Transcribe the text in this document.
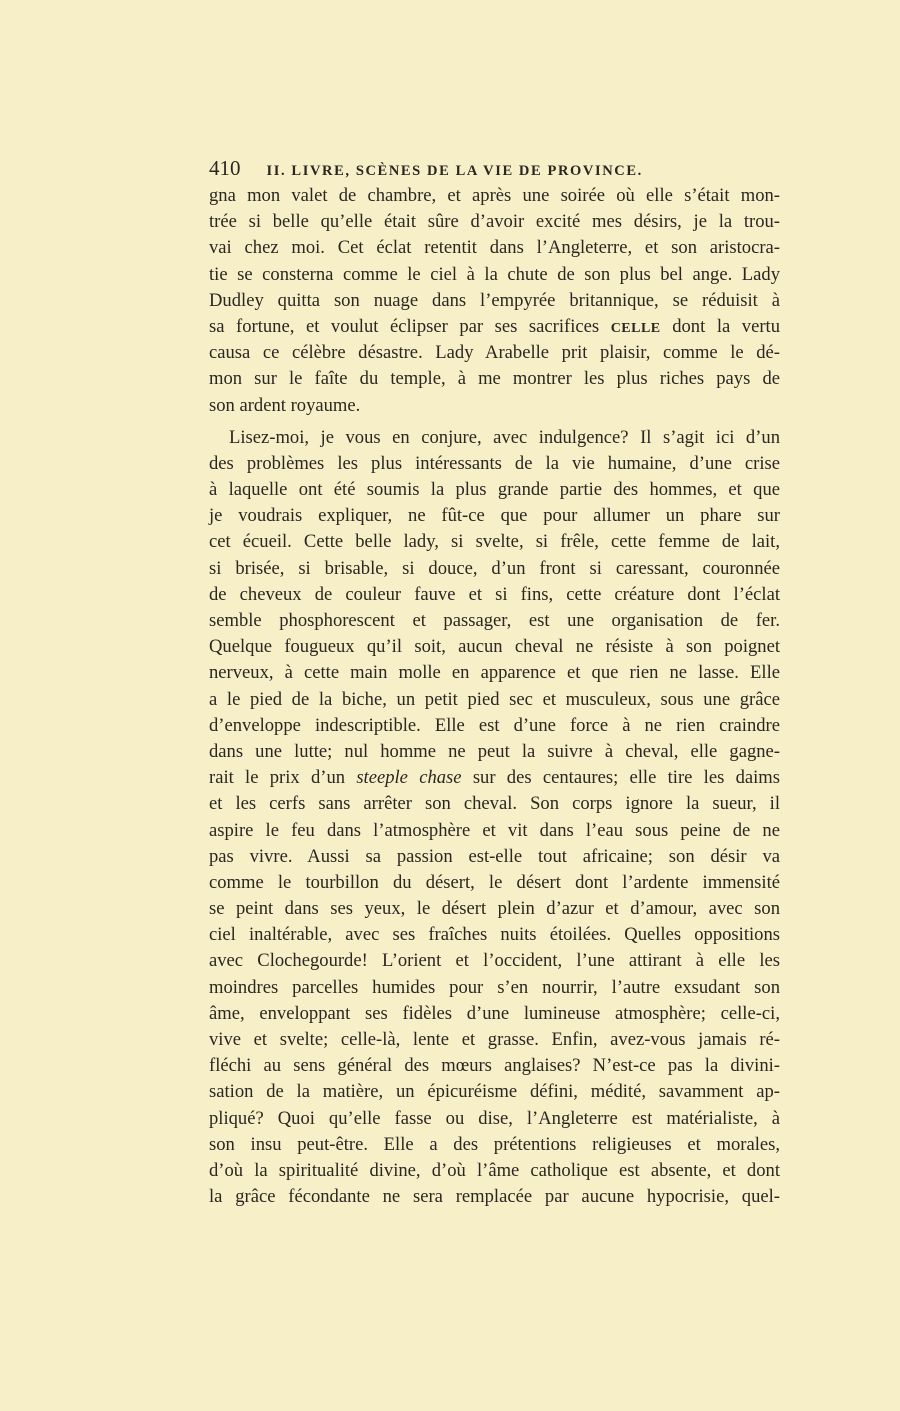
410 II. LIVRE, SCÈNES DE LA VIE DE PROVINCE.
gna mon valet de chambre, et après une soirée où elle s’était mon-
trée si belle qu’elle était sûre d’avoir excité mes désirs, je la trou-
vai chez moi. Cet éclat retentit dans l’Angleterre, et son aristocra-
tie se consterna comme le ciel à la chute de son plus bel ange. Lady
Dudley quitta son nuage dans l’empyrée britannique, se réduisit à
sa fortune, et voulut éclipser par ses sacrifices CELLE dont la vertu
causa ce célèbre désastre. Lady Arabelle prit plaisir, comme le dé-
mon sur le faîte du temple, à me montrer les plus riches pays de
son ardent royaume.
Lisez-moi, je vous en conjure, avec indulgence? Il s’agit ici d’un
des problèmes les plus intéressants de la vie humaine, d’une crise
à laquelle ont été soumis la plus grande partie des hommes, et que
je voudrais expliquer, ne fût-ce que pour allumer un phare sur
cet écueil. Cette belle lady, si svelte, si frêle, cette femme de lait,
si brisée, si brisable, si douce, d’un front si caressant, couronnée
de cheveux de couleur fauve et si fins, cette créature dont l’éclat
semble phosphorescent et passager, est une organisation de fer.
Quelque fougueux qu’il soit, aucun cheval ne résiste à son poignet
nerveux, à cette main molle en apparence et que rien ne lasse. Elle
a le pied de la biche, un petit pied sec et musculeux, sous une grâce
d’enveloppe indescriptible. Elle est d’une force à ne rien craindre
dans une lutte; nul homme ne peut la suivre à cheval, elle gagne-
rait le prix d’un steeple chase sur des centaures; elle tire les daims
et les cerfs sans arrêter son cheval. Son corps ignore la sueur, il
aspire le feu dans l’atmosphère et vit dans l’eau sous peine de ne
pas vivre. Aussi sa passion est-elle tout africaine; son désir va
comme le tourbillon du désert, le désert dont l’ardente immensité
se peint dans ses yeux, le désert plein d’azur et d’amour, avec son
ciel inaltérable, avec ses fraîches nuits étoilées. Quelles oppositions
avec Clochegourde! L’orient et l’occident, l’une attirant à elle les
moindres parcelles humides pour s’en nourrir, l’autre exsudant son
âme, enveloppant ses fidèles d’une lumineuse atmosphère; celle-ci,
vive et svelte; celle-là, lente et grasse. Enfin, avez-vous jamais ré-
fléchi au sens général des mœurs anglaises? N’est-ce pas la divini-
sation de la matière, un épicuréisme défini, médité, savamment ap-
pliqué? Quoi qu’elle fasse ou dise, l’Angleterre est matérialiste, à
son insu peut-être. Elle a des prétentions religieuses et morales,
d’où la spiritualité divine, d’où l’âme catholique est absente, et dont
la grâce fécondante ne sera remplacée par aucune hypocrisie, quel-
